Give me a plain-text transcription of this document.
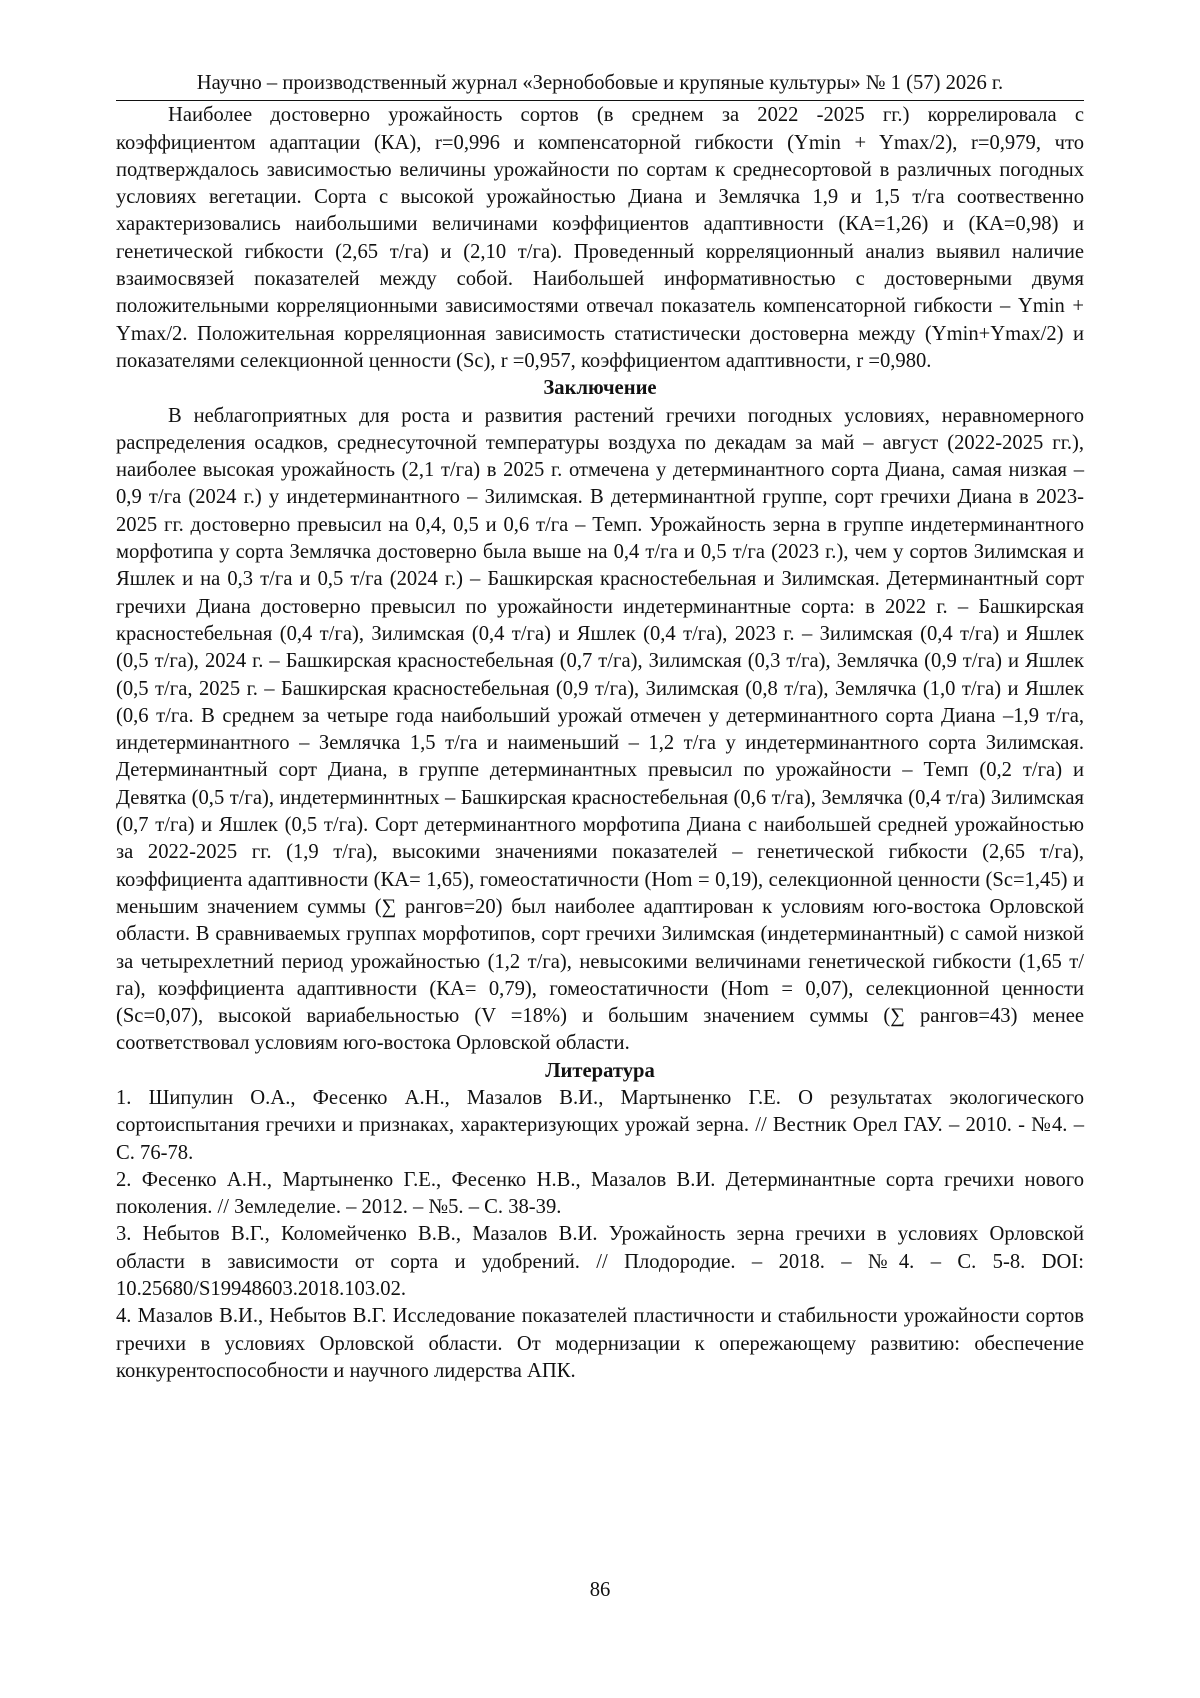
Научно – производственный журнал «Зернобобовые и крупяные культуры» № 1 (57) 2026 г.

Наиболее достоверно урожайность сортов (в среднем за 2022 -2025 гг.) коррелировала с коэффициентом адаптации (КА), r=0,996 и компенсаторной гибкости (Ymin + Ymax/2), r=0,979, что подтверждалось зависимостью величины урожайности по сортам к среднесортовой в различных погодных условиях вегетации. Сорта с высокой урожайностью Диана и Землячка 1,9 и 1,5 т/га соотвественно характеризовались наибольшими величинами коэффициентов адаптивности (КА=1,26) и (КА=0,98) и генетической гибкости (2,65 т/га) и (2,10 т/га). Проведенный корреляционный анализ выявил наличие взаимосвязей показателей между собой. Наибольшей информативностью с достоверными двумя положительными корреляционными зависимостями отвечал показатель компенсаторной гибкости – Ymin + Ymax/2. Положительная корреляционная зависимость статистически достоверна между (Ymin+Ymax/2) и показателями селекционной ценности (Sc), r =0,957, коэффициентом адаптивности, r =0,980.

Заключение

В неблагоприятных для роста и развития растений гречихи погодных условиях, неравномерного распределения осадков, среднесуточной температуры воздуха по декадам за май – август (2022-2025 гг.), наиболее высокая урожайность (2,1 т/га) в 2025 г. отмечена у детерминантного сорта Диана, самая низкая – 0,9 т/га (2024 г.) у индетерминантного – Зилимская. В детерминантной группе, сорт гречихи Диана в 2023-2025 гг. достоверно превысил на 0,4, 0,5 и 0,6 т/га – Темп. Урожайность зерна в группе индетерминантного морфотипа у сорта Землячка достоверно была выше на 0,4 т/га и 0,5 т/га (2023 г.), чем у сортов Зилимская и Яшлек и на 0,3 т/га и 0,5 т/га (2024 г.) – Башкирская красностебельная и Зилимская. Детерминантный сорт гречихи Диана достоверно превысил по урожайности индетерминантные сорта: в 2022 г. – Башкирская красностебельная (0,4 т/га), Зилимская (0,4 т/га) и Яшлек (0,4 т/га), 2023 г. – Зилимская (0,4 т/га) и Яшлек (0,5 т/га), 2024 г. – Башкирская красностебельная (0,7 т/га), Зилимская (0,3 т/га), Землячка (0,9 т/га) и Яшлек (0,5 т/га, 2025 г. – Башкирская красностебельная (0,9 т/га), Зилимская (0,8 т/га), Землячка (1,0 т/га) и Яшлек (0,6 т/га. В среднем за четыре года наибольший урожай отмечен у детерминантного сорта Диана –1,9 т/га, индетерминантного – Землячка 1,5 т/га и наименьший – 1,2 т/га у индетерминантного сорта Зилимская. Детерминантный сорт Диана, в группе детерминантных превысил по урожайности – Темп (0,2 т/га) и Девятка (0,5 т/га), индетерминнтных – Башкирская красностебельная (0,6 т/га), Землячка (0,4 т/га) Зилимская (0,7 т/га) и Яшлек (0,5 т/га). Сорт детерминантного морфотипа Диана с наибольшей средней урожайностью за 2022-2025 гг. (1,9 т/га), высокими значениями показателей – генетической гибкости (2,65 т/га), коэффициента адаптивности (КА= 1,65), гомеостатичности (Hom = 0,19), селекционной ценности (Sc=1,45) и меньшим значением суммы (∑ рангов=20) был наиболее адаптирован к условиям юго-востока Орловской области. В сравниваемых группах морфотипов, сорт гречихи Зилимская (индетерминантный) с самой низкой за четырехлетний период урожайностью (1,2 т/га), невысокими величинами генетической гибкости (1,65 т/га), коэффициента адаптивности (КА= 0,79), гомеостатичности (Hom = 0,07), селекционной ценности (Sc=0,07), высокой вариабельностью (V =18%) и большим значением суммы (∑ рангов=43) менее соответствовал условиям юго-востока Орловской области.

Литература

1. Шипулин О.А., Фесенко А.Н., Мазалов В.И., Мартыненко Г.Е. О результатах экологического сортоиспытания гречихи и признаках, характеризующих урожай зерна. // Вестник Орел ГАУ. – 2010. - №4. – С. 76-78.

2. Фесенко А.Н., Мартыненко Г.Е., Фесенко Н.В., Мазалов В.И. Детерминантные сорта гречихи нового поколения. // Земледелие. – 2012. – №5. – С. 38-39.

3. Небытов В.Г., Коломейченко В.В., Мазалов В.И. Урожайность зерна гречихи в условиях Орловской области в зависимости от сорта и удобрений. // Плодородие. – 2018. – №4. – С. 5-8. DOI: 10.25680/S19948603.2018.103.02.

4. Мазалов В.И., Небытов В.Г. Исследование показателей пластичности и стабильности урожайности сортов гречихи в условиях Орловской области. От модернизации к опережающему развитию: обеспечение конкурентоспособности и научного лидерства АПК.

86
